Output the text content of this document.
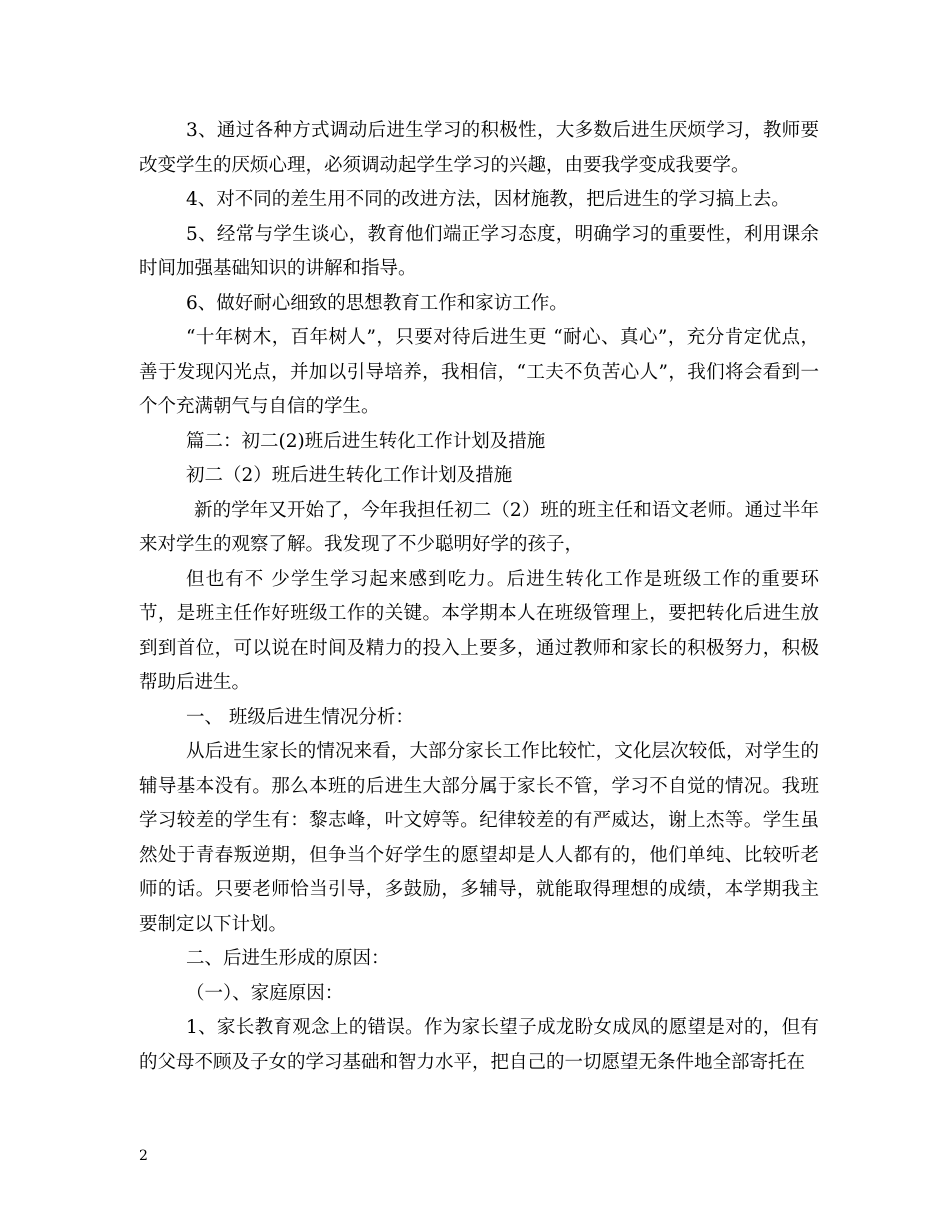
3、通过各种方式调动后进生学习的积极性，大多数后进生厌烦学习，教师要改变学生的厌烦心理，必须调动起学生学习的兴趣，由要我学变成我要学。

4、对不同的差生用不同的改进方法，因材施教，把后进生的学习搞上去。

5、经常与学生谈心，教育他们端正学习态度，明确学习的重要性，利用课余时间加强基础知识的讲解和指导。

6、做好耐心细致的思想教育工作和家访工作。

“十年树木，百年树人”，只要对待后进生更 “耐心、真心”，充分肯定优点，善于发现闪光点，并加以引导培养，我相信，“工夫不负苦心人”，我们将会看到一个个充满朝气与自信的学生。

篇二：初二(2)班后进生转化工作计划及措施

初二（2）班后进生转化工作计划及措施

新的学年又开始了，今年我担任初二（2）班的班主任和语文老师。通过半年来对学生的观察了解。我发现了不少聪明好学的孩子，

但也有不 少学生学习起来感到吃力。后进生转化工作是班级工作的重要环节，是班主任作好班级工作的关键。本学期本人在班级管理上，要把转化后进生放到到首位，可以说在时间及精力的投入上要多，通过教师和家长的积极努力，积极帮助后进生。

一、 班级后进生情况分析：

从后进生家长的情况来看，大部分家长工作比较忙，文化层次较低，对学生的辅导基本没有。那么本班的后进生大部分属于家长不管，学习不自觉的情况。我班学习较差的学生有：黎志峰，叶文婷等。纪律较差的有严威达，谢上杰等。学生虽然处于青春叛逆期，但争当个好学生的愿望却是人人都有的，他们单纯、比较听老师的话。只要老师恰当引导，多鼓励，多辅导，就能取得理想的成绩，本学期我主要制定以下计划。

二、后进生形成的原因：

（一）、家庭原因：

1、家长教育观念上的错误。作为家长望子成龙盼女成凤的愿望是对的，但有的父母不顾及子女的学习基础和智力水平，把自己的一切愿望无条件地全部寄托在

2
